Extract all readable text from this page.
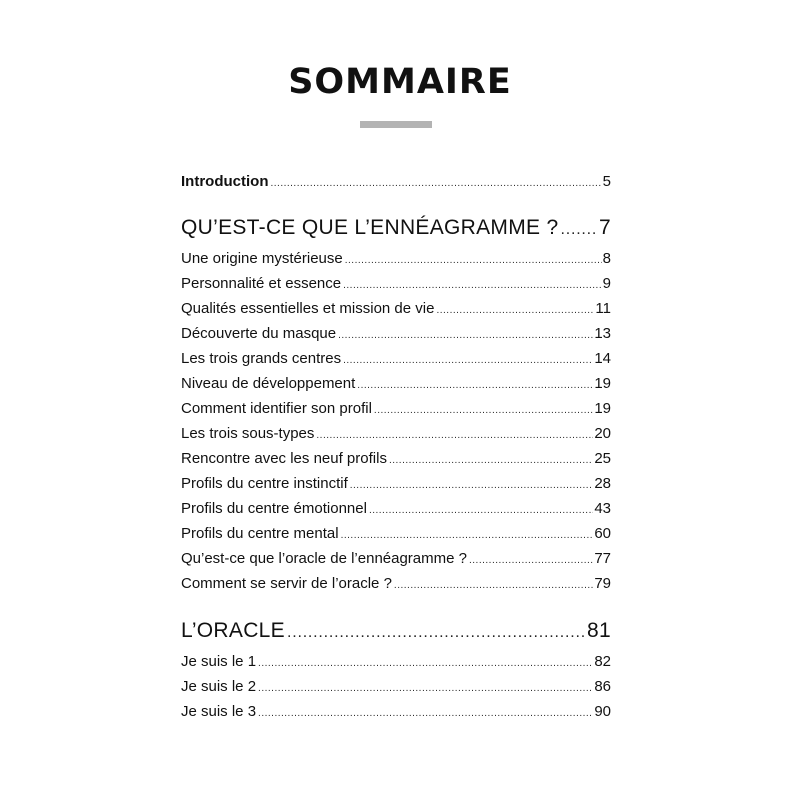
SOMMAIRE
Introduction .....	5
QU’EST-CE QUE L’ENNÉAGRAMME ? ..... 7
Une origine mystérieuse .....	8
Personnalité et essence .....	9
Qualités essentielles et mission de vie .....	11
Découverte du masque .....	13
Les trois grands centres .....	14
Niveau de développement .....	19
Comment identifier son profil .....	19
Les trois sous-types .....	20
Rencontre avec les neuf profils .....	25
Profils du centre instinctif .....	28
Profils du centre émotionnel .....	43
Profils du centre mental .....	60
Qu’est-ce que l’oracle de l’ennéagramme ? .....	77
Comment se servir de l’oracle ? .....	79
L’ORACLE .....	81
Je suis le 1 .....	82
Je suis le 2 .....	86
Je suis le 3 .....	90
